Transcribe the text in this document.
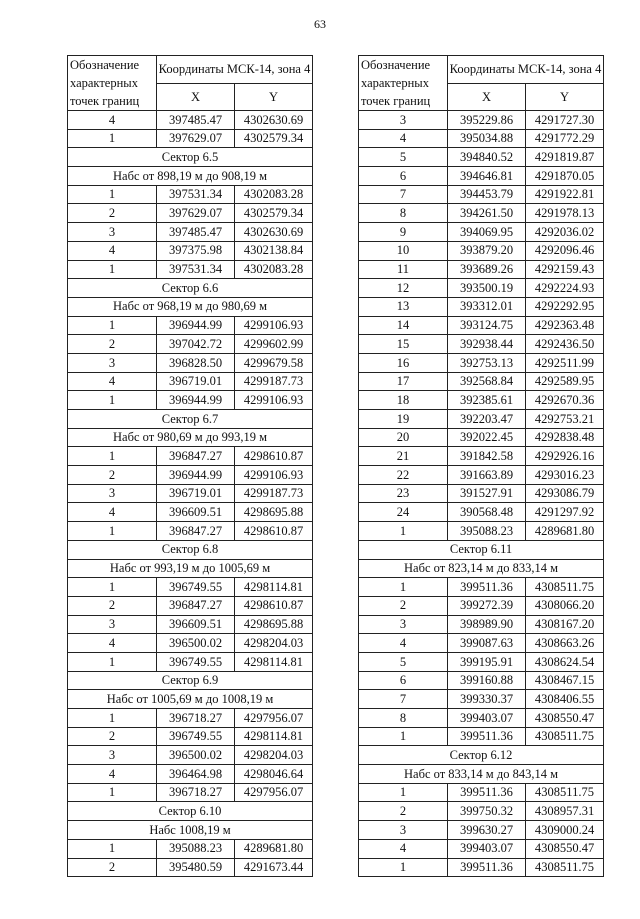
63
Обозначение характерных точек границ	Координаты МСК-14, зона 4	
	X	Y
4	397485.47	4302630.69
1	397629.07	4302579.34
Сектор 6.5		
Набс от 898,19 м до 908,19 м		
1	397531.34	4302083.28
2	397629.07	4302579.34
3	397485.47	4302630.69
4	397375.98	4302138.84
1	397531.34	4302083.28
Сектор 6.6		
Набс от 968,19 м до 980,69 м		
1	396944.99	4299106.93
2	397042.72	4299602.99
3	396828.50	4299679.58
4	396719.01	4299187.73
1	396944.99	4299106.93
Сектор 6.7		
Набс от 980,69 м до 993,19 м		
1	396847.27	4298610.87
2	396944.99	4299106.93
3	396719.01	4299187.73
4	396609.51	4298695.88
1	396847.27	4298610.87
Сектор 6.8		
Набс от 993,19 м до 1005,69 м		
1	396749.55	4298114.81
2	396847.27	4298610.87
3	396609.51	4298695.88
4	396500.02	4298204.03
1	396749.55	4298114.81
Сектор 6.9		
Набс от 1005,69 м до 1008,19 м		
1	396718.27	4297956.07
2	396749.55	4298114.81
3	396500.02	4298204.03
4	396464.98	4298046.64
1	396718.27	4297956.07
Сектор 6.10		
Набс 1008,19 м		
1	395088.23	4289681.80
2	395480.59	4291673.44
Обозначение характерных точек границ	Координаты МСК-14, зона 4	
	X	Y
3	395229.86	4291727.30
4	395034.88	4291772.29
5	394840.52	4291819.87
6	394646.81	4291870.05
7	394453.79	4291922.81
8	394261.50	4291978.13
9	394069.95	4292036.02
10	393879.20	4292096.46
11	393689.26	4292159.43
12	393500.19	4292224.93
13	393312.01	4292292.95
14	393124.75	4292363.48
15	392938.44	4292436.50
16	392753.13	4292511.99
17	392568.84	4292589.95
18	392385.61	4292670.36
19	392203.47	4292753.21
20	392022.45	4292838.48
21	391842.58	4292926.16
22	391663.89	4293016.23
23	391527.91	4293086.79
24	390568.48	4291297.92
1	395088.23	4289681.80
Сектор 6.11		
Набс от 823,14 м до 833,14 м		
1	399511.36	4308511.75
2	399272.39	4308066.20
3	398989.90	4308167.20
4	399087.63	4308663.26
5	399195.91	4308624.54
6	399160.88	4308467.15
7	399330.37	4308406.55
8	399403.07	4308550.47
1	399511.36	4308511.75
Сектор 6.12		
Набс от 833,14 м до 843,14 м		
1	399511.36	4308511.75
2	399750.32	4308957.31
3	399630.27	4309000.24
4	399403.07	4308550.47
1	399511.36	4308511.75
